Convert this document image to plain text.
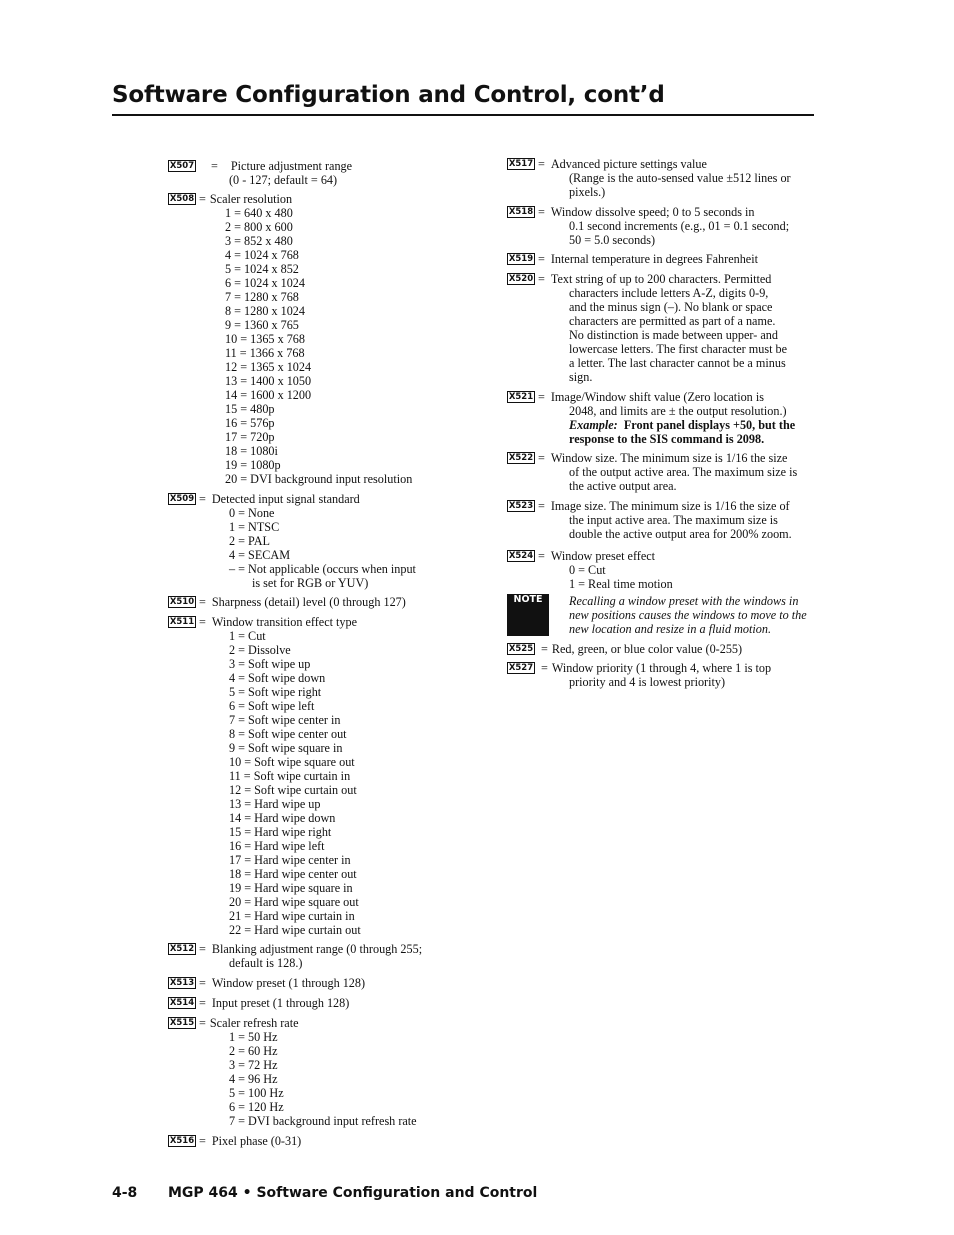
Software Configuration and Control, cont’d
X507 = Picture adjustment range
(0 - 127; default = 64)
X508 = Scaler resolution
1 = 640 x 480
2 = 800 x 600
3 = 852 x 480
4 = 1024 x 768
5 = 1024 x 852
6 = 1024 x 1024
7 = 1280 x 768
8 = 1280 x 1024
9 = 1360 x 765
10 = 1365 x 768
11 = 1366 x 768
12 = 1365 x 1024
13 = 1400 x 1050
14 = 1600 x 1200
15 = 480p
16 = 576p
17 = 720p
18 = 1080i
19 = 1080p
20 = DVI background input resolution
X509 = Detected input signal standard
0 = None
1 = NTSC
2 = PAL
4 = SECAM
– = Not applicable (occurs when input
is set for RGB or YUV)
X510 = Sharpness (detail) level (0 through 127)
X511 = Window transition effect type
1 = Cut
2 = Dissolve
3 = Soft wipe up
4 = Soft wipe down
5 = Soft wipe right
6 = Soft wipe left
7 = Soft wipe center in
8 = Soft wipe center out
9 = Soft wipe square in
10 = Soft wipe square out
11 = Soft wipe curtain in
12 = Soft wipe curtain out
13 = Hard wipe up
14 = Hard wipe down
15 = Hard wipe right
16 = Hard wipe left
17 = Hard wipe center in
18 = Hard wipe center out
19 = Hard wipe square in
20 = Hard wipe square out
21 = Hard wipe curtain in
22 = Hard wipe curtain out
X512 = Blanking adjustment range (0 through 255;
default is 128.)
X513 = Window preset (1 through 128)
X514 = Input preset (1 through 128)
X515 = Scaler refresh rate
1 = 50 Hz
2 = 60 Hz
3 = 72 Hz
4 = 96 Hz
5 = 100 Hz
6 = 120 Hz
7 = DVI background input refresh rate
X516 = Pixel phase (0-31)
X517 = Advanced picture settings value
(Range is the auto-sensed value ±512 lines or
pixels.)
X518 = Window dissolve speed; 0 to 5 seconds in
0.1 second increments (e.g., 01 = 0.1 second;
50 = 5.0 seconds)
X519 = Internal temperature in degrees Fahrenheit
X520 = Text string of up to 200 characters. Permitted
characters include letters A-Z, digits 0-9,
and the minus sign (–). No blank or space
characters are permitted as part of a name.
No distinction is made between upper- and
lowercase letters. The first character must be
a letter. The last character cannot be a minus
sign.
X521 = Image/Window shift value (Zero location is
2048, and limits are ± the output resolution.)
Example: Front panel displays +50, but the
response to the SIS command is 2098.
X522 = Window size. The minimum size is 1/16 the size
of the output active area. The maximum size is
the active output area.
X523 = Image size. The minimum size is 1/16 the size of
the input active area. The maximum size is
double the active output area for 200% zoom.
X524 = Window preset effect
0 = Cut
1 = Real time motion
NOTE	Recalling a window preset with the windows in
new positions causes the windows to move to the
new location and resize in a fluid motion.
X525 = Red, green, or blue color value (0-255)
X527 = Window priority (1 through 4, where 1 is top
priority and 4 is lowest priority)
4-8 MGP 464 • Software Configuration and Control
